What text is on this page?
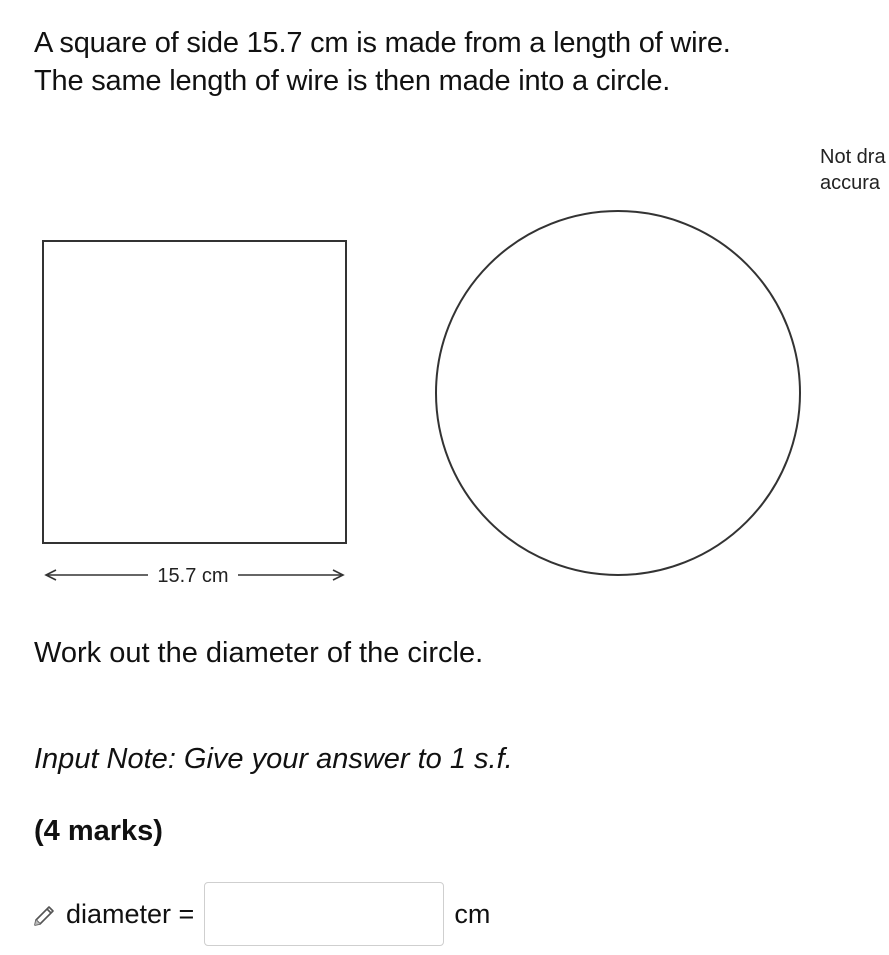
A square of side 15.7 cm is made from a length of wire.
The same length of wire is then made into a circle.
Not dra
accura
15.7 cm
Work out the diameter of the circle.
Input Note: Give your answer to 1 s.f.
(4 marks)
diameter =	cm
